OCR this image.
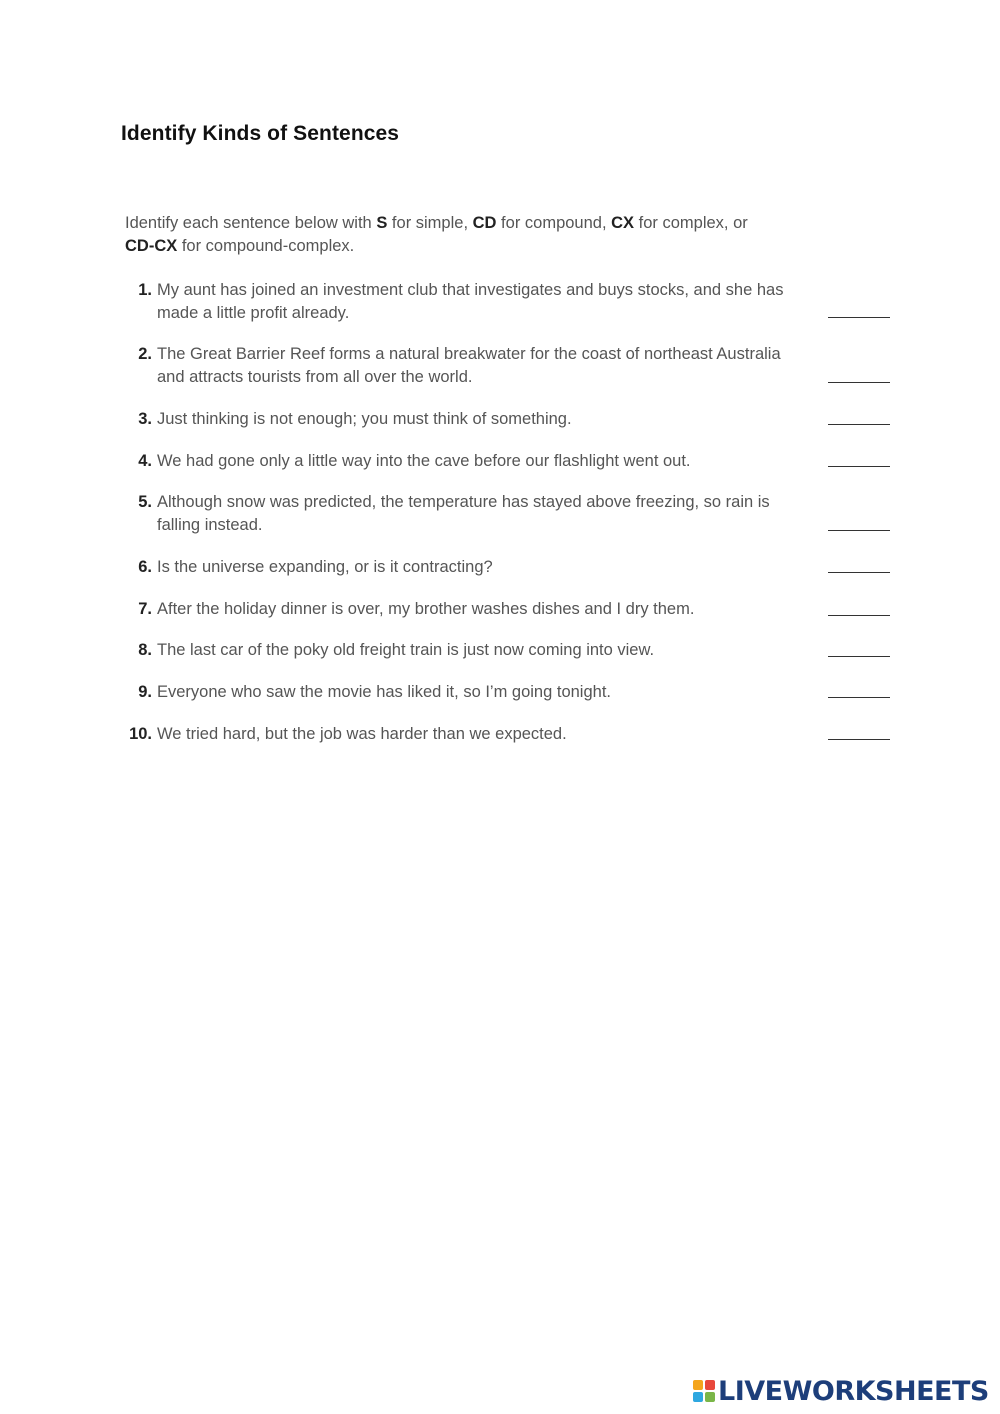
Identify Kinds of Sentences
Identify each sentence below with S for simple, CD for compound, CX for complex, or CD-CX for compound-complex.
1. My aunt has joined an investment club that investigates and buys stocks, and she has made a little profit already.
2. The Great Barrier Reef forms a natural breakwater for the coast of northeast Australia and attracts tourists from all over the world.
3. Just thinking is not enough; you must think of something.
4. We had gone only a little way into the cave before our flashlight went out.
5. Although snow was predicted, the temperature has stayed above freezing, so rain is falling instead.
6. Is the universe expanding, or is it contracting?
7. After the holiday dinner is over, my brother washes dishes and I dry them.
8. The last car of the poky old freight train is just now coming into view.
9. Everyone who saw the movie has liked it, so I’m going tonight.
10. We tried hard, but the job was harder than we expected.
LIVEWORKSHEETS
